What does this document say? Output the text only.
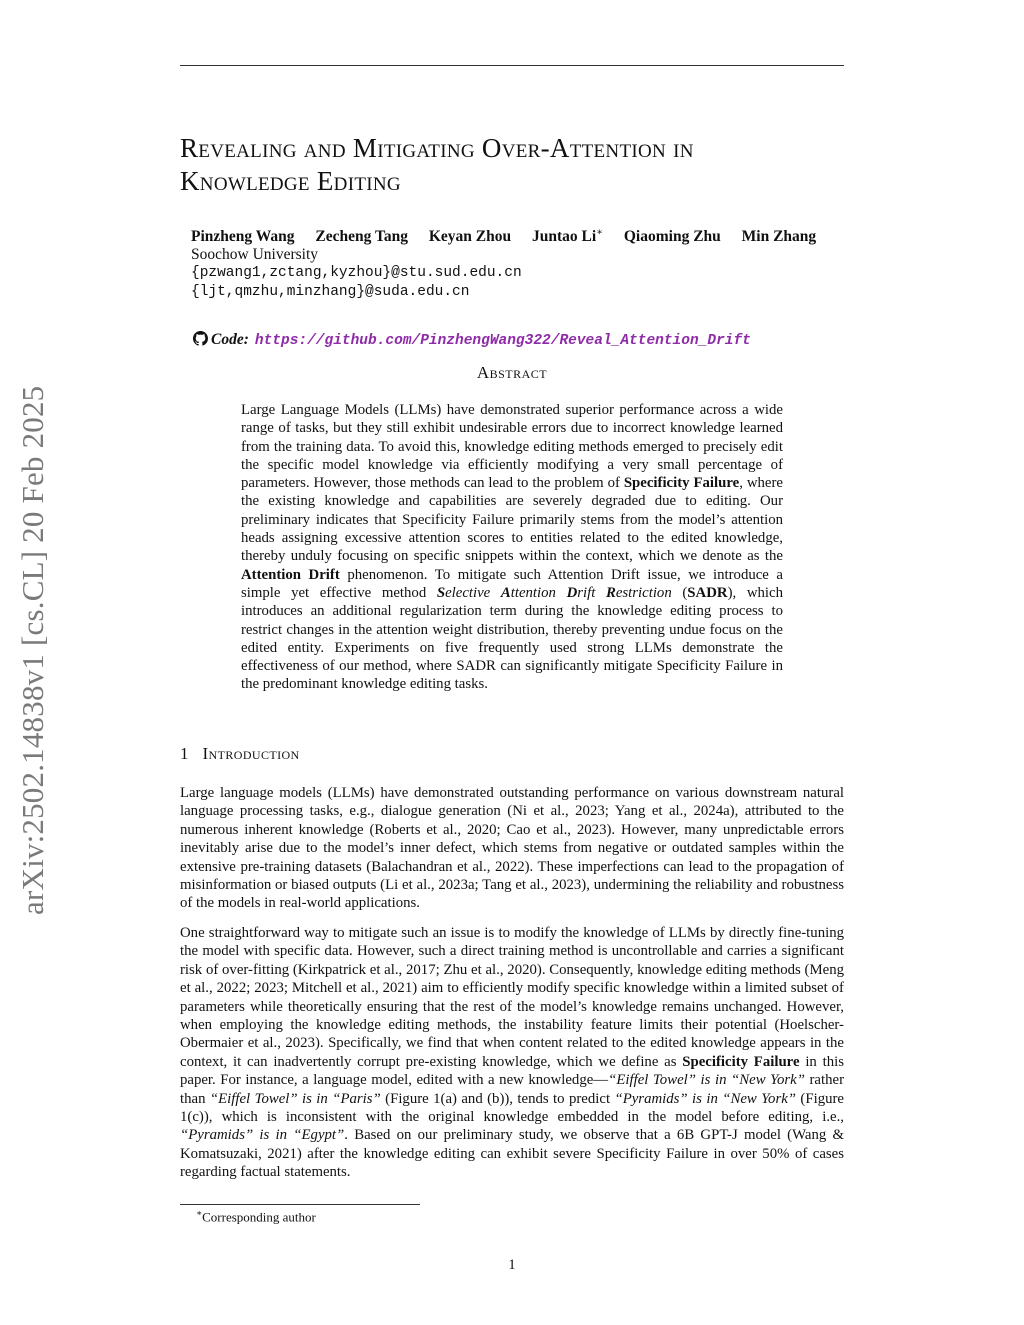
arXiv:2502.14838v1 [cs.CL] 20 Feb 2025
Revealing and Mitigating Over-Attention in
Knowledge Editing
Pinzheng Wang Zecheng Tang Keyan Zhou Juntao Li∗ Qiaoming Zhu Min Zhang
Soochow University
{pzwang1,zctang,kyzhou}@stu.sud.edu.cn
{ljt,qmzhu,minzhang}@suda.edu.cn
Code: https://github.com/PinzhengWang322/Reveal_Attention_Drift
Abstract
Large Language Models (LLMs) have demonstrated superior performance across a wide range of tasks, but they still exhibit undesirable errors due to incorrect knowledge learned from the training data. To avoid this, knowledge editing methods emerged to precisely edit the specific model knowledge via efficiently modifying a very small percentage of parameters. However, those methods can lead to the problem of Specificity Failure, where the existing knowledge and capabilities are severely degraded due to editing. Our preliminary indicates that Specificity Failure primarily stems from the model’s attention heads assigning excessive attention scores to entities related to the edited knowledge, thereby unduly focusing on specific snippets within the context, which we denote as the Attention Drift phenomenon. To mitigate such Attention Drift issue, we introduce a simple yet effective method Selective Attention Drift Restriction (SADR), which introduces an additional regularization term during the knowledge editing process to restrict changes in the attention weight distribution, thereby preventing undue focus on the edited entity. Experiments on five frequently used strong LLMs demonstrate the effectiveness of our method, where SADR can significantly mitigate Specificity Failure in the predominant knowledge editing tasks.
1 Introduction
Large language models (LLMs) have demonstrated outstanding performance on various downstream natural language processing tasks, e.g., dialogue generation (Ni et al., 2023; Yang et al., 2024a), attributed to the numerous inherent knowledge (Roberts et al., 2020; Cao et al., 2023). However, many unpredictable errors inevitably arise due to the model’s inner defect, which stems from negative or outdated samples within the extensive pre-training datasets (Balachandran et al., 2022). These imperfections can lead to the propagation of misinformation or biased outputs (Li et al., 2023a; Tang et al., 2023), undermining the reliability and robustness of the models in real-world applications.
One straightforward way to mitigate such an issue is to modify the knowledge of LLMs by directly fine-tuning the model with specific data. However, such a direct training method is uncontrollable and carries a significant risk of over-fitting (Kirkpatrick et al., 2017; Zhu et al., 2020). Consequently, knowledge editing methods (Meng et al., 2022; 2023; Mitchell et al., 2021) aim to efficiently modify specific knowledge within a limited subset of parameters while theoretically ensuring that the rest of the model’s knowledge remains unchanged. However, when employing the knowledge editing methods, the instability feature limits their potential (Hoelscher-Obermaier et al., 2023). Specifically, we find that when content related to the edited knowledge appears in the context, it can inadvertently corrupt pre-existing knowledge, which we define as Specificity Failure in this paper. For instance, a language model, edited with a new knowledge—“Eiffel Towel” is in “New York” rather than “Eiffel Towel” is in “Paris” (Figure 1(a) and (b)), tends to predict “Pyramids” is in “New York” (Figure 1(c)), which is inconsistent with the original knowledge embedded in the model before editing, i.e., “Pyramids” is in “Egypt”. Based on our preliminary study, we observe that a 6B GPT-J model (Wang & Komatsuzaki, 2021) after the knowledge editing can exhibit severe Specificity Failure in over 50% of cases regarding factual statements.
∗Corresponding author
1
